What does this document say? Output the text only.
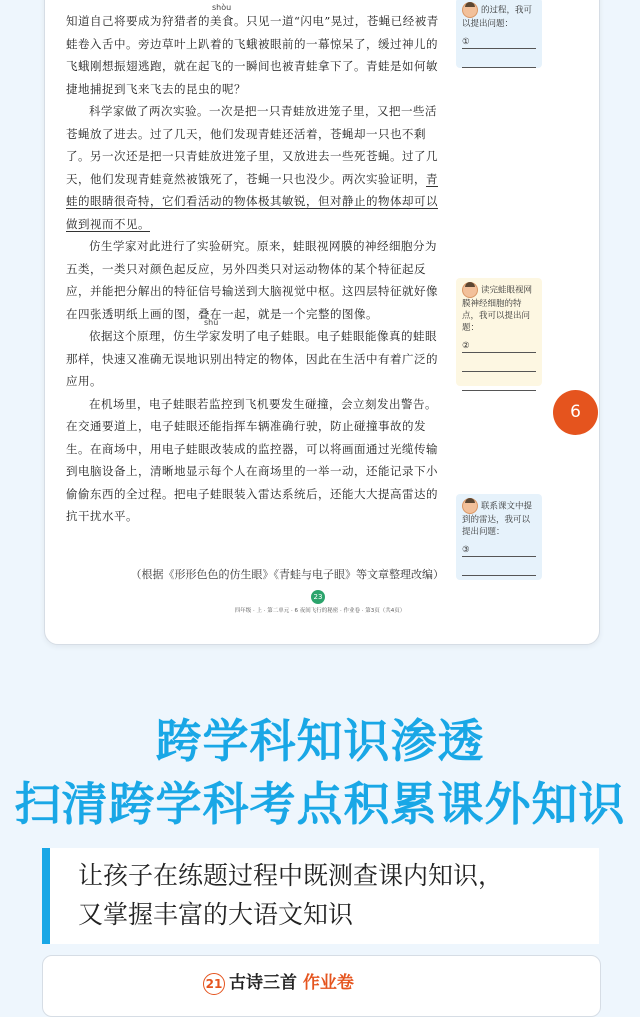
shòu
shū

知道自己将要成为狩猎者的美食。只见一道“闪电”晃过，苍蝇已经被青蛙卷入舌中。旁边草叶上趴着的飞蛾被眼前的一幕惊呆了，缓过神儿的飞蛾刚想振翅逃跑，就在起飞的一瞬间也被青蛙拿下了。青蛙是如何敏捷地捕捉到飞来飞去的昆虫的呢？

科学家做了两次实验。一次是把一只青蛙放进笼子里，又把一些活苍蝇放了进去。过了几天，他们发现青蛙还活着，苍蝇却一只也不剩了。另一次还是把一只青蛙放进笼子里，又放进去一些死苍蝇。过了几天，他们发现青蛙竟然被饿死了，苍蝇一只也没少。两次实验证明，青蛙的眼睛很奇特，它们看活动的物体极其敏锐，但对静止的物体却可以做到视而不见。

仿生学家对此进行了实验研究。原来，蛙眼视网膜的神经细胞分为五类，一类只对颜色起反应，另外四类只对运动物体的某个特征起反应，并能把分解出的特征信号输送到大脑视觉中枢。这四层特征就好像在四张透明纸上画的图，叠在一起，就是一个完整的图像。

依据这个原理，仿生学家发明了电子蛙眼。电子蛙眼能像真的蛙眼那样，快速又准确无误地识别出特定的物体，因此在生活中有着广泛的应用。

在机场里，电子蛙眼若监控到飞机要发生碰撞，会立刻发出警告。在交通要道上，电子蛙眼还能指挥车辆准确行驶，防止碰撞事故的发生。在商场中，用电子蛙眼改装成的监控器，可以将画面通过光缆传输到电脑设备上，清晰地显示每个人在商场里的一举一动，还能记录下小偷偷东西的全过程。把电子蛙眼装入雷达系统后，还能大大提高雷达的抗干扰水平。

（根据《形形色色的仿生眼》《青蛙与电子眼》等文章整理改编）
23
四年级 · 上 · 第二单元 · 6 夜间飞行的秘密 · 作业卷 · 第3页（共4页）
的过程，我可以提出问题：
①
读完蛙眼视网膜神经细胞的特点，我可以提出问题：
②
联系课文中提到的雷达，我可以提出问题：
③
6
跨学科知识渗透
扫清跨学科考点积累课外知识
让孩子在练题过程中既测查课内知识，
又掌握丰富的大语文知识
21 古诗三首 作业卷
